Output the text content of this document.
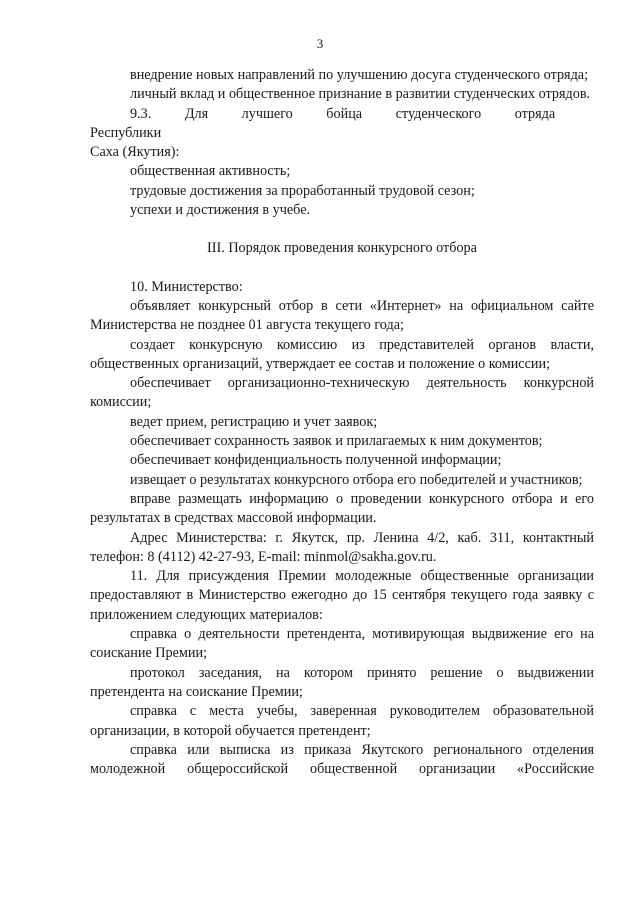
3

внедрение новых направлений по улучшению досуга студенческого отряда;

личный вклад и общественное признание в развитии студенческих отрядов.

9.3. Для лучшего бойца студенческого отряда Республики

Саха (Якутия):

общественная активность;

трудовые достижения за проработанный трудовой сезон;

успехи и достижения в учебе.

III. Порядок проведения конкурсного отбора

10. Министерство:

объявляет конкурсный отбор в сети «Интернет» на официальном сайте Министерства не позднее 01 августа текущего года;

создает конкурсную комиссию из представителей органов власти, общественных организаций, утверждает ее состав и положение о комиссии;

обеспечивает организационно-техническую деятельность конкурсной комиссии;

ведет прием, регистрацию и учет заявок;

обеспечивает сохранность заявок и прилагаемых к ним документов;

обеспечивает конфиденциальность полученной информации;

извещает о результатах конкурсного отбора его победителей и участников;

вправе размещать информацию о проведении конкурсного отбора и его результатах в средствах массовой информации.

Адрес Министерства: г. Якутск, пр. Ленина 4/2, каб. 311, контактный телефон: 8 (4112) 42-27-93, E-mail: minmol@sakha.gov.ru.

11. Для присуждения Премии молодежные общественные организации предоставляют в Министерство ежегодно до 15 сентября текущего года заявку с приложением следующих материалов:

справка о деятельности претендента, мотивирующая выдвижение его на соискание Премии;

протокол заседания, на котором принято решение о выдвижении претендента на соискание Премии;

справка с места учебы, заверенная руководителем образовательной организации, в которой обучается претендент;

справка или выписка из приказа Якутского регионального отделения молодежной общероссийской общественной организации «Российские
